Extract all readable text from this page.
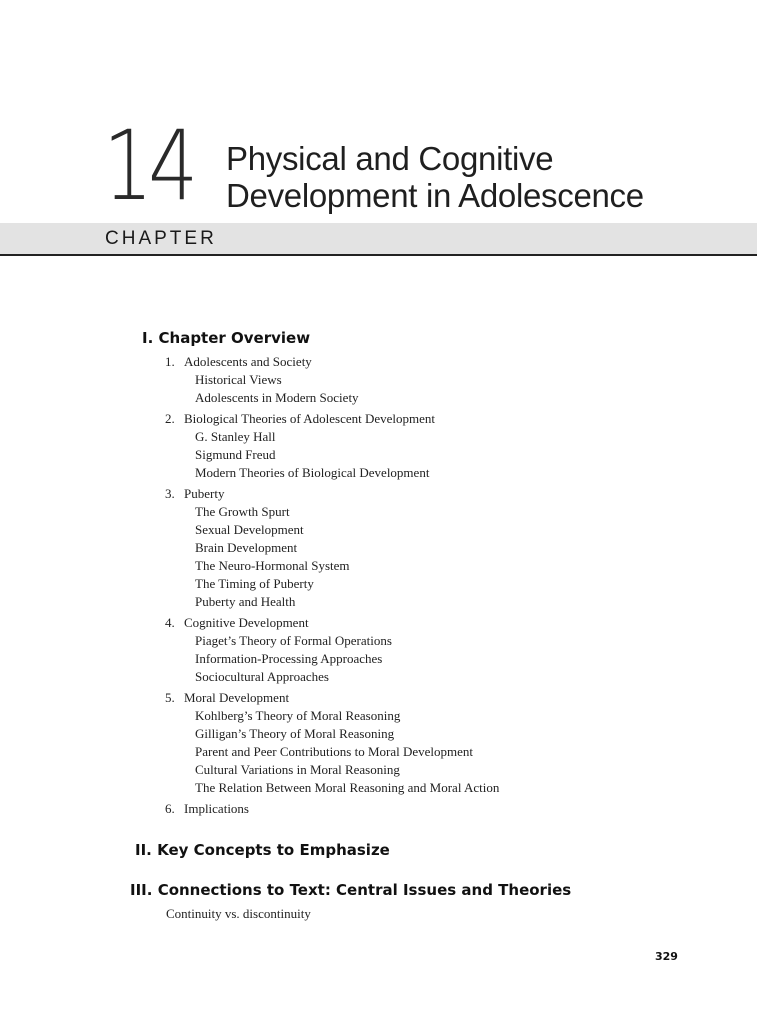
14 Physical and Cognitive
Development in Adolescence
CHAPTER
I. Chapter Overview
1. Adolescents and Society
Historical Views
Adolescents in Modern Society
2. Biological Theories of Adolescent Development
G. Stanley Hall
Sigmund Freud
Modern Theories of Biological Development
3. Puberty
The Growth Spurt
Sexual Development
Brain Development
The Neuro-Hormonal System
The Timing of Puberty
Puberty and Health
4. Cognitive Development
Piaget’s Theory of Formal Operations
Information-Processing Approaches
Sociocultural Approaches
5. Moral Development
Kohlberg’s Theory of Moral Reasoning
Gilligan’s Theory of Moral Reasoning
Parent and Peer Contributions to Moral Development
Cultural Variations in Moral Reasoning
The Relation Between Moral Reasoning and Moral Action
6. Implications
II. Key Concepts to Emphasize
III. Connections to Text: Central Issues and Theories
Continuity vs. discontinuity
329
